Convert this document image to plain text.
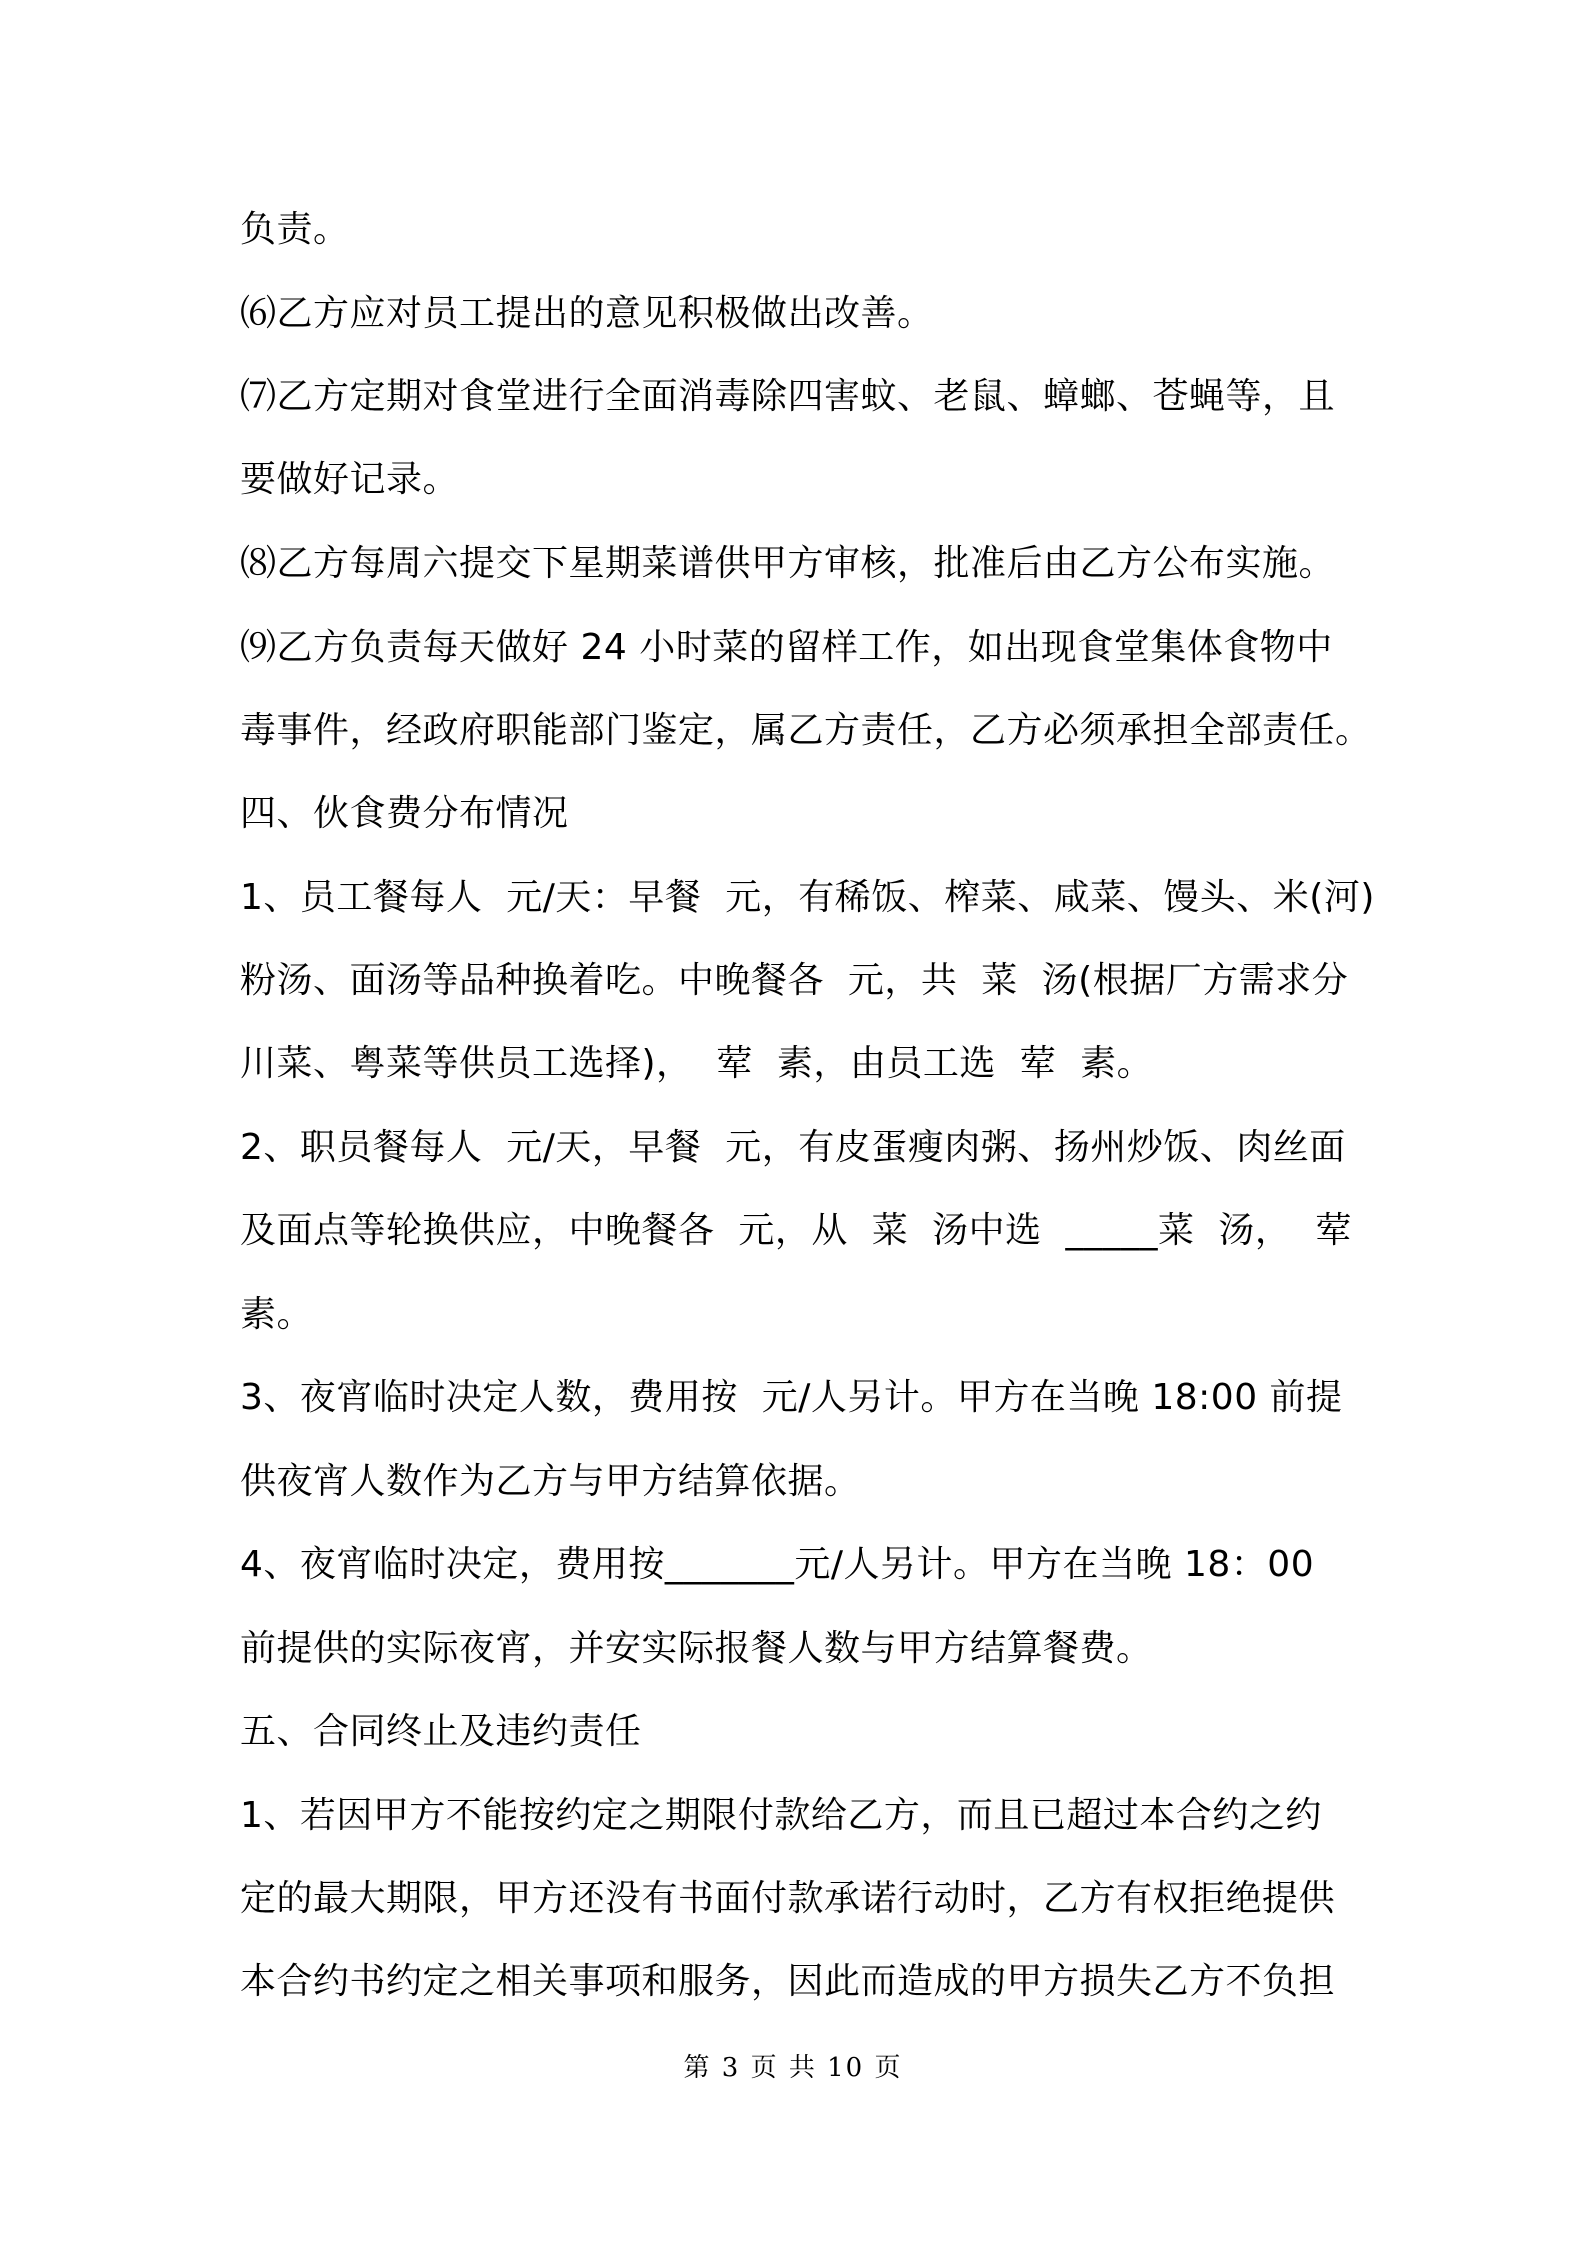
负责。
⑹乙方应对员工提出的意见积极做出改善。
⑺乙方定期对食堂进行全面消毒除四害蚊、老鼠、蟑螂、苍蝇等，且
要做好记录。
⑻乙方每周六提交下星期菜谱供甲方审核，批准后由乙方公布实施。
⑼乙方负责每天做好 24 小时菜的留样工作，如出现食堂集体食物中
毒事件，经政府职能部门鉴定，属乙方责任，乙方必须承担全部责任。
四、伙食费分布情况
1、员工餐每人  元/天：早餐  元，有稀饭、榨菜、咸菜、馒头、米(河)
粉汤、面汤等品种换着吃。中晚餐各  元，共  菜  汤(根据厂方需求分
川菜、粤菜等供员工选择)，  荤  素，由员工选  荤  素。
2、职员餐每人  元/天，早餐  元，有皮蛋瘦肉粥、扬州炒饭、肉丝面
及面点等轮换供应，中晚餐各  元，从  菜  汤中选  _____菜  汤，  荤
素。
3、夜宵临时决定人数，费用按  元/人另计。甲方在当晚 18:00 前提
供夜宵人数作为乙方与甲方结算依据。
4、夜宵临时决定，费用按_______元/人另计。甲方在当晚 18：00
前提供的实际夜宵，并安实际报餐人数与甲方结算餐费。
五、合同终止及违约责任
1、若因甲方不能按约定之期限付款给乙方，而且已超过本合约之约
定的最大期限，甲方还没有书面付款承诺行动时，乙方有权拒绝提供
本合约书约定之相关事项和服务，因此而造成的甲方损失乙方不负担
第 3 页 共 10 页
